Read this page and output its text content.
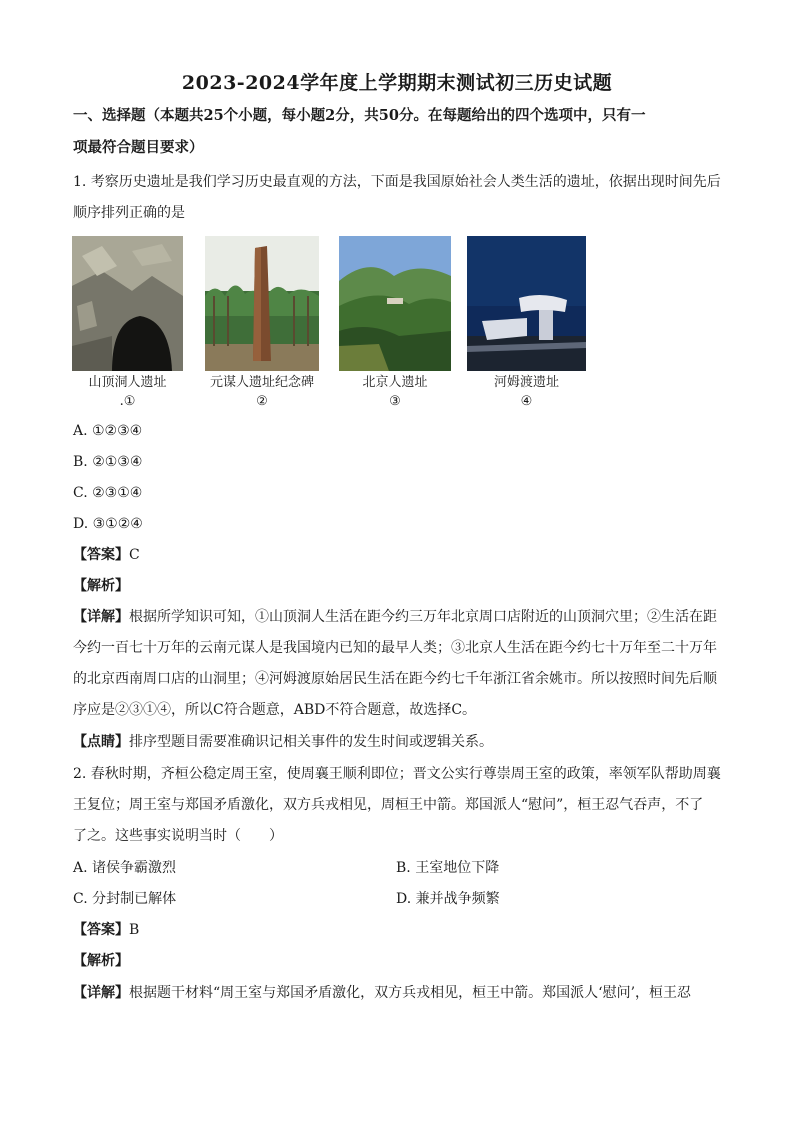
2023-2024学年度上学期期末测试初三历史试题
一、选择题（本题共25个小题，每小题2分，共50分。在每题给出的四个选项中，只有一
项最符合题目要求）
1. 考察历史遗址是我们学习历史最直观的方法，下面是我国原始社会人类生活的遗址，依据出现时间先后
顺序排列正确的是
山顶洞人遗址
.①
元谋人遗址纪念碑
②
北京人遗址
③
河姆渡遗址
④
A. ①②③④
B. ②①③④
C. ②③①④
D. ③①②④
【答案】C
【解析】
【详解】根据所学知识可知，①山顶洞人生活在距今约三万年北京周口店附近的山顶洞穴里；②生活在距
今约一百七十万年的云南元谋人是我国境内已知的最早人类；③北京人生活在距今约七十万年至二十万年
的北京西南周口店的山洞里；④河姆渡原始居民生活在距今约七千年浙江省余姚市。所以按照时间先后顺
序应是②③①④，所以C符合题意，ABD不符合题意，故选择C。
【点睛】排序型题目需要准确识记相关事件的发生时间或逻辑关系。
2. 春秋时期，齐桓公稳定周王室，使周襄王顺利即位；晋文公实行尊崇周王室的政策，率领军队帮助周襄
王复位；周王室与郑国矛盾激化，双方兵戎相见，周桓王中箭。郑国派人“慰问”，桓王忍气吞声，不了
了之。这些事实说明当时（　　）
A. 诸侯争霸激烈	B. 王室地位下降
C. 分封制已解体	D. 兼并战争频繁
【答案】B
【解析】
【详解】根据题干材料“周王室与郑国矛盾激化，双方兵戎相见，桓王中箭。郑国派人‘慰问’，桓王忍
